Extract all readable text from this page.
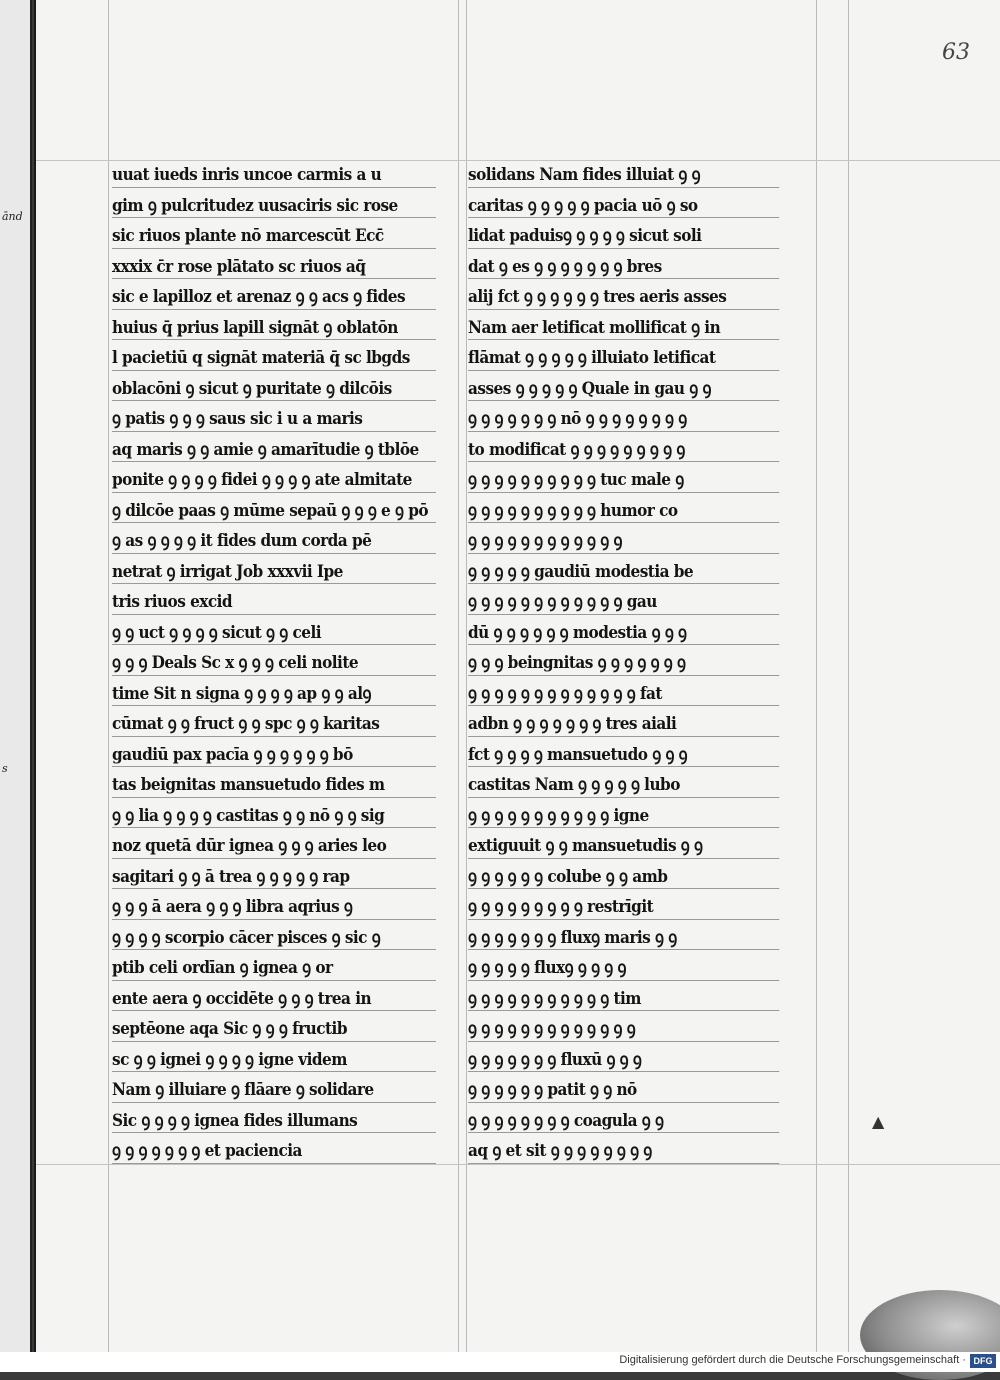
ānd
s
63
uuat iueds inris uncoe carmis a u
gim ꝯ pulcritudez uusaciris sic rose
sic riuos plante nō marcescūt Ecc̄
xxxix c̄r rose plātato sc riuos aq̄
sic e lapilloz et arenaz ꝯ ꝯ acs ꝯ fides
huius q̄ prius lapill signāt ꝯ oblatōn
l pacietiū q signāt materiā q̄ sc lbgds
oblacōni ꝯ sicut ꝯ puritate ꝯ dilcōis
ꝯ patis ꝯ ꝯ ꝯ saus sic i u a maris
aq maris ꝯ ꝯ amie ꝯ amarītudie ꝯ tblōe
ponite ꝯ ꝯ ꝯ ꝯ fidei ꝯ ꝯ ꝯ ꝯ ate almitate
ꝯ dilcōe paas ꝯ mūme sepaū ꝯ ꝯ ꝯ e ꝯ pō
ꝯ as ꝯ ꝯ ꝯ ꝯ it fides dum corda pē
netrat ꝯ irrigat Job xxxvii Ipe
tris riuos excid
ꝯ ꝯ uct ꝯ ꝯ ꝯ ꝯ sicut ꝯ ꝯ celi
ꝯ ꝯ ꝯ Deals Sc x ꝯ ꝯ ꝯ celi nolite
time Sit n signa ꝯ ꝯ ꝯ ꝯ ap ꝯ ꝯ alꝯ
cūmat ꝯ ꝯ fruct ꝯ ꝯ spc ꝯ ꝯ karitas
gaudiū pax pacīa ꝯ ꝯ ꝯ ꝯ ꝯ ꝯ bō
tas beignitas mansuetudo fides m
ꝯ ꝯ lia ꝯ ꝯ ꝯ ꝯ castitas ꝯ ꝯ nō ꝯ ꝯ sig
noz quetā dūr ignea ꝯ ꝯ ꝯ aries leo
sagitari ꝯ ꝯ ā trea ꝯ ꝯ ꝯ ꝯ ꝯ rap
ꝯ ꝯ ꝯ ā aera ꝯ ꝯ ꝯ libra aqrius ꝯ
ꝯ ꝯ ꝯ ꝯ scorpio cācer pisces ꝯ sic ꝯ
ptib celi ordīan ꝯ ignea ꝯ or
ente aera ꝯ occidēte ꝯ ꝯ ꝯ trea in
septēone aqa Sic ꝯ ꝯ ꝯ fructib
sc ꝯ ꝯ ignei ꝯ ꝯ ꝯ ꝯ igne videm
Nam ꝯ illuiare ꝯ flāare ꝯ solidare
Sic ꝯ ꝯ ꝯ ꝯ ignea fides illumans
ꝯ ꝯ ꝯ ꝯ ꝯ ꝯ ꝯ et paciencia
solidans Nam fides illuiat ꝯ ꝯ
caritas ꝯ ꝯ ꝯ ꝯ ꝯ pacia uō ꝯ so
lidat paduisꝯ ꝯ ꝯ ꝯ ꝯ sicut soli
dat ꝯ es ꝯ ꝯ ꝯ ꝯ ꝯ ꝯ ꝯ bres
alij fct ꝯ ꝯ ꝯ ꝯ ꝯ ꝯ tres aeris asses
Nam aer letificat mollificat ꝯ in
flāmat ꝯ ꝯ ꝯ ꝯ ꝯ illuiato letificat
asses ꝯ ꝯ ꝯ ꝯ ꝯ Quale in gau ꝯ ꝯ
ꝯ ꝯ ꝯ ꝯ ꝯ ꝯ ꝯ nō ꝯ ꝯ ꝯ ꝯ ꝯ ꝯ ꝯ ꝯ
to modificat ꝯ ꝯ ꝯ ꝯ ꝯ ꝯ ꝯ ꝯ ꝯ
ꝯ ꝯ ꝯ ꝯ ꝯ ꝯ ꝯ ꝯ ꝯ ꝯ tuc male ꝯ
ꝯ ꝯ ꝯ ꝯ ꝯ ꝯ ꝯ ꝯ ꝯ ꝯ humor co
ꝯ ꝯ ꝯ ꝯ ꝯ ꝯ ꝯ ꝯ ꝯ ꝯ ꝯ ꝯ
ꝯ ꝯ ꝯ ꝯ ꝯ gaudiū modestia be
ꝯ ꝯ ꝯ ꝯ ꝯ ꝯ ꝯ ꝯ ꝯ ꝯ ꝯ ꝯ gau
dū ꝯ ꝯ ꝯ ꝯ ꝯ ꝯ modestia ꝯ ꝯ ꝯ
ꝯ ꝯ ꝯ beingnitas ꝯ ꝯ ꝯ ꝯ ꝯ ꝯ ꝯ
ꝯ ꝯ ꝯ ꝯ ꝯ ꝯ ꝯ ꝯ ꝯ ꝯ ꝯ ꝯ ꝯ fat
adbn ꝯ ꝯ ꝯ ꝯ ꝯ ꝯ ꝯ tres aiali
fct ꝯ ꝯ ꝯ ꝯ mansuetudo ꝯ ꝯ ꝯ
castitas Nam ꝯ ꝯ ꝯ ꝯ ꝯ lubo
ꝯ ꝯ ꝯ ꝯ ꝯ ꝯ ꝯ ꝯ ꝯ ꝯ ꝯ igne
extiguuit ꝯ ꝯ mansuetudis ꝯ ꝯ
ꝯ ꝯ ꝯ ꝯ ꝯ ꝯ colube ꝯ ꝯ amb
ꝯ ꝯ ꝯ ꝯ ꝯ ꝯ ꝯ ꝯ ꝯ restrīgit
ꝯ ꝯ ꝯ ꝯ ꝯ ꝯ ꝯ fluxꝯ maris ꝯ ꝯ
ꝯ ꝯ ꝯ ꝯ ꝯ fluxꝯ ꝯ ꝯ ꝯ ꝯ
ꝯ ꝯ ꝯ ꝯ ꝯ ꝯ ꝯ ꝯ ꝯ ꝯ ꝯ tim
ꝯ ꝯ ꝯ ꝯ ꝯ ꝯ ꝯ ꝯ ꝯ ꝯ ꝯ ꝯ ꝯ
ꝯ ꝯ ꝯ ꝯ ꝯ ꝯ ꝯ fluxū ꝯ ꝯ ꝯ
ꝯ ꝯ ꝯ ꝯ ꝯ ꝯ patit ꝯ ꝯ nō
ꝯ ꝯ ꝯ ꝯ ꝯ ꝯ ꝯ ꝯ coagula ꝯ ꝯ
aq ꝯ et sit ꝯ ꝯ ꝯ ꝯ ꝯ ꝯ ꝯ ꝯ
▲
Digitalisierung gefördert durch die Deutsche Forschungsgemeinschaft · DFG
